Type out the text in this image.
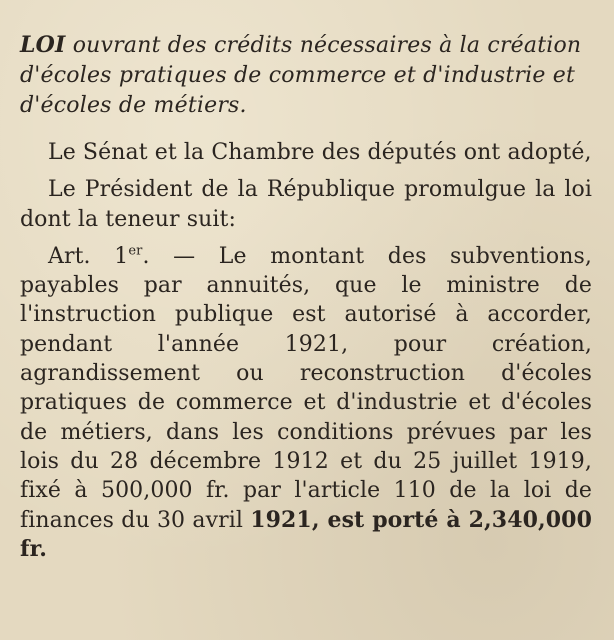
LOI ouvrant des crédits nécessaires à la création d'écoles pratiques de commerce et d'industrie et d'écoles de métiers.

Le Sénat et la Chambre des députés ont adopté,

Le Président de la République promulgue la loi dont la teneur suit:

Art. 1er. — Le montant des subventions, payables par annuités, que le ministre de l'instruction publique est autorisé à accorder, pendant l'année 1921, pour création, agrandissement ou reconstruction d'écoles pratiques de commerce et d'industrie et d'écoles de métiers, dans les conditions prévues par les lois du 28 décembre 1912 et du 25 juillet 1919, fixé à 500,000 fr. par l'article 110 de la loi de finances du 30 avril 1921, est porté à 2,340,000 fr.
